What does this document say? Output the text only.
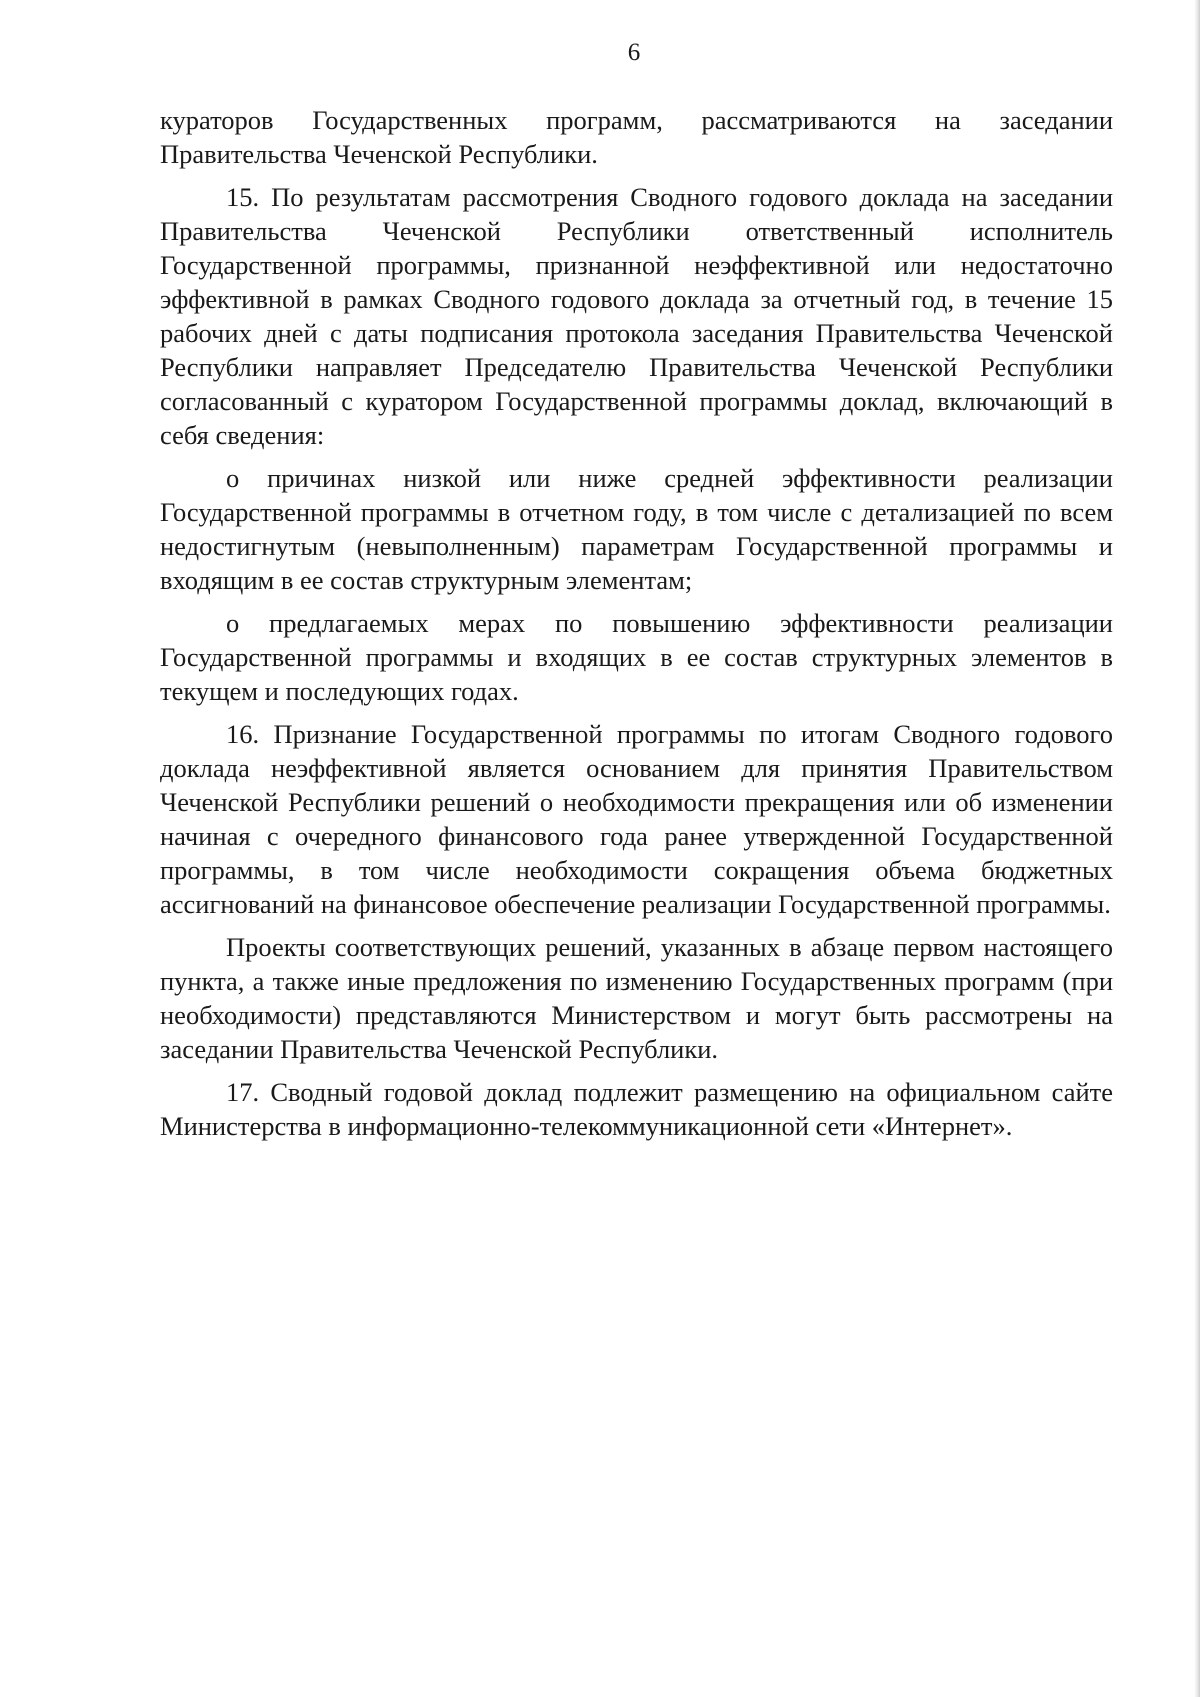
6

кураторов Государственных программ, рассматриваются на заседании Правительства Чеченской Республики.

15. По результатам рассмотрения Сводного годового доклада на заседании Правительства Чеченской Республики ответственный исполнитель Государственной программы, признанной неэффективной или недостаточно эффективной в рамках Сводного годового доклада за отчетный год, в течение 15 рабочих дней с даты подписания протокола заседания Правительства Чеченской Республики направляет Председателю Правительства Чеченской Республики согласованный с куратором Государственной программы доклад, включающий в себя сведения:

о причинах низкой или ниже средней эффективности реализации Государственной программы в отчетном году, в том числе с детализацией по всем недостигнутым (невыполненным) параметрам Государственной программы и входящим в ее состав структурным элементам;

о предлагаемых мерах по повышению эффективности реализации Государственной программы и входящих в ее состав структурных элементов в текущем и последующих годах.

16. Признание Государственной программы по итогам Сводного годового доклада неэффективной является основанием для принятия Правительством Чеченской Республики решений о необходимости прекращения или об изменении начиная с очередного финансового года ранее утвержденной Государственной программы, в том числе необходимости сокращения объема бюджетных ассигнований на финансовое обеспечение реализации Государственной программы.

Проекты соответствующих решений, указанных в абзаце первом настоящего пункта, а также иные предложения по изменению Государственных программ (при необходимости) представляются Министерством и могут быть рассмотрены на заседании Правительства Чеченской Республики.

17. Сводный годовой доклад подлежит размещению на официальном сайте Министерства в информационно-телекоммуникационной сети «Интернет».
